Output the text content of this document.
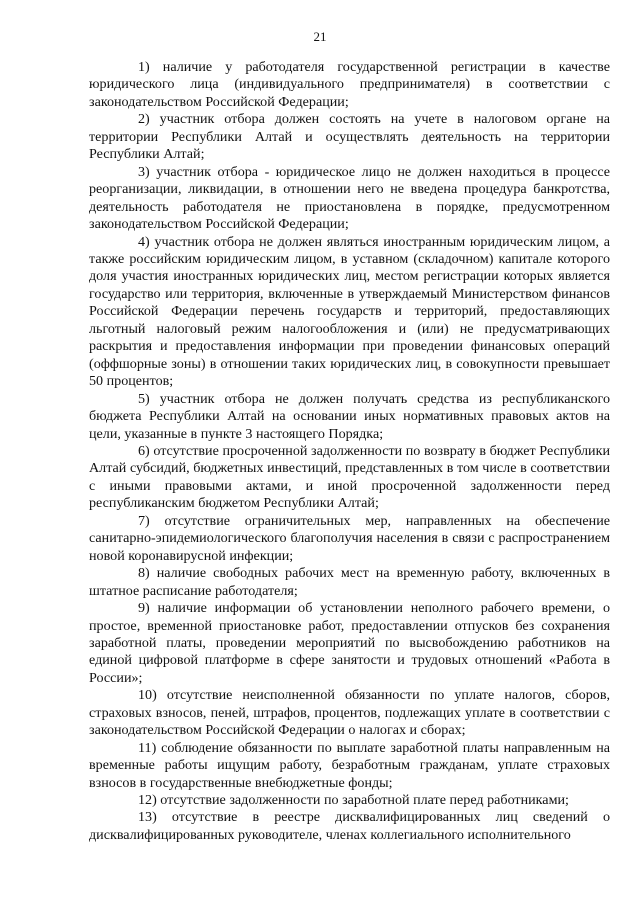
21

1) наличие у работодателя государственной регистрации в качестве юридического лица (индивидуального предпринимателя) в соответствии с законодательством Российской Федерации;

2) участник отбора должен состоять на учете в налоговом органе на территории Республики Алтай и осуществлять деятельность на территории Республики Алтай;

3) участник отбора - юридическое лицо не должен находиться в процессе реорганизации, ликвидации, в отношении него не введена процедура банкротства, деятельность работодателя не приостановлена в порядке, предусмотренном законодательством Российской Федерации;

4) участник отбора не должен являться иностранным юридическим лицом, а также российским юридическим лицом, в уставном (складочном) капитале которого доля участия иностранных юридических лиц, местом регистрации которых является государство или территория, включенные в утверждаемый Министерством финансов Российской Федерации перечень государств и территорий, предоставляющих льготный налоговый режим налогообложения и (или) не предусматривающих раскрытия и предоставления информации при проведении финансовых операций (оффшорные зоны) в отношении таких юридических лиц, в совокупности превышает 50 процентов;

5) участник отбора не должен получать средства из республиканского бюджета Республики Алтай на основании иных нормативных правовых актов на цели, указанные в пункте 3 настоящего Порядка;

6) отсутствие просроченной задолженности по возврату в бюджет Республики Алтай субсидий, бюджетных инвестиций, представленных в том числе в соответствии с иными правовыми актами, и иной просроченной задолженности перед республиканским бюджетом Республики Алтай;

7) отсутствие ограничительных мер, направленных на обеспечение санитарно-эпидемиологического благополучия населения в связи с распространением новой коронавирусной инфекции;

8) наличие свободных рабочих мест на временную работу, включенных в штатное расписание работодателя;

9) наличие информации об установлении неполного рабочего времени, о простое, временной приостановке работ, предоставлении отпусков без сохранения заработной платы, проведении мероприятий по высвобождению работников на единой цифровой платформе в сфере занятости и трудовых отношений «Работа в России»;

10) отсутствие неисполненной обязанности по уплате налогов, сборов, страховых взносов, пеней, штрафов, процентов, подлежащих уплате в соответствии с законодательством Российской Федерации о налогах и сборах;

11) соблюдение обязанности по выплате заработной платы направленным на временные работы ищущим работу, безработным гражданам, уплате страховых взносов в государственные внебюджетные фонды;

12) отсутствие задолженности по заработной плате перед работниками;

13) отсутствие в реестре дисквалифицированных лиц сведений о дисквалифицированных руководителе, членах коллегиального исполнительного
